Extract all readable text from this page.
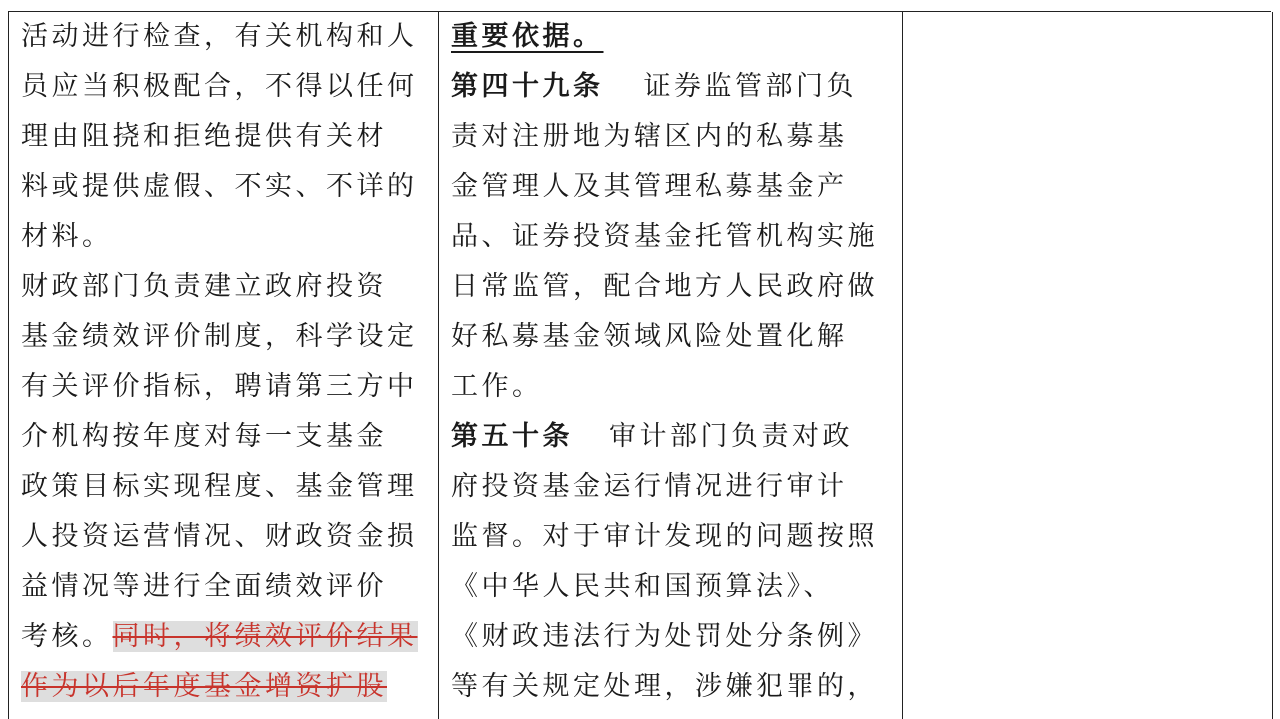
活动进行检查，有关机构和人
员应当积极配合，不得以任何
理由阻挠和拒绝提供有关材
料或提供虚假、不实、不详的
材料。
财政部门负责建立政府投资
基金绩效评价制度，科学设定
有关评价指标，聘请第三方中
介机构按年度对每一支基金
政策目标实现程度、基金管理
人投资运营情况、财政资金损
益情况等进行全面绩效评价
考核。同时，将绩效评价结果
作为以后年度基金增资扩股
重要依据。
第四十九条 证券监管部门负
责对注册地为辖区内的私募基
金管理人及其管理私募基金产
品、证券投资基金托管机构实施
日常监管，配合地方人民政府做
好私募基金领域风险处置化解
工作。
第五十条 审计部门负责对政
府投资基金运行情况进行审计
监督。对于审计发现的问题按照
《中华人民共和国预算法》、
《财政违法行为处罚处分条例》
等有关规定处理，涉嫌犯罪的，
